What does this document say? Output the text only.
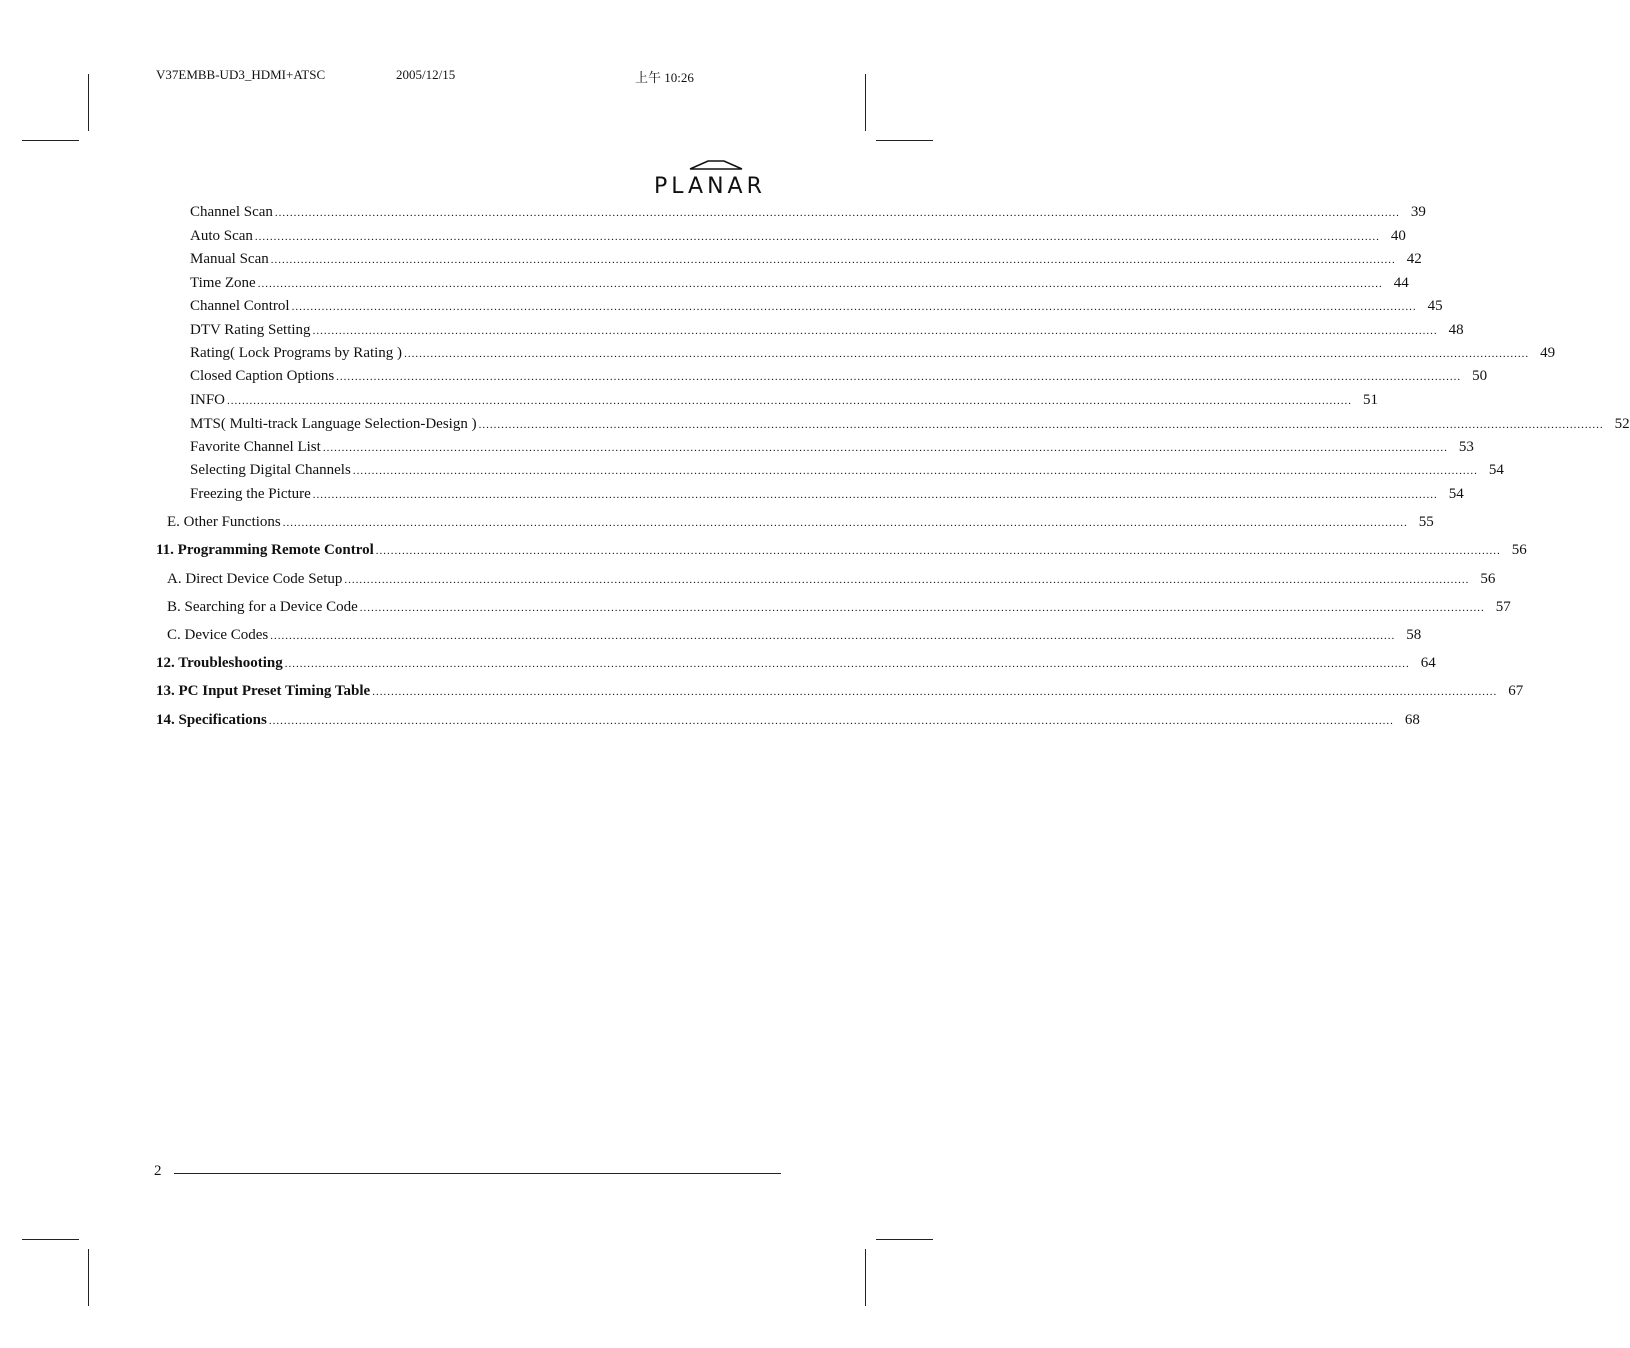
V37EMBB-UD3_HDMI+ATSC	2005/12/15	上午 10:26
PLANAR
Channel Scan ............................................................................................................................................................................................................................................................................................................ 39
Auto Scan ............................................................................................................................................................................................................................................................................................................ 40
Manual Scan ............................................................................................................................................................................................................................................................................................................ 42
Time Zone ............................................................................................................................................................................................................................................................................................................ 44
Channel Control ............................................................................................................................................................................................................................................................................................................ 45
DTV Rating Setting ............................................................................................................................................................................................................................................................................................................ 48
Rating( Lock Programs by Rating ) ............................................................................................................................................................................................................................................................................................................ 49
Closed Caption Options ............................................................................................................................................................................................................................................................................................................ 50
INFO ............................................................................................................................................................................................................................................................................................................ 51
MTS( Multi-track Language Selection-Design ) ............................................................................................................................................................................................................................................................................................................ 52
Favorite Channel List ............................................................................................................................................................................................................................................................................................................ 53
Selecting Digital Channels ............................................................................................................................................................................................................................................................................................................ 54
Freezing the Picture ............................................................................................................................................................................................................................................................................................................ 54
E. Other Functions ............................................................................................................................................................................................................................................................................................................ 55
11. Programming Remote Control ............................................................................................................................................................................................................................................................................................................ 56
A. Direct Device Code Setup ............................................................................................................................................................................................................................................................................................................ 56
B. Searching for a Device Code ............................................................................................................................................................................................................................................................................................................ 57
C. Device Codes ............................................................................................................................................................................................................................................................................................................ 58
12. Troubleshooting ............................................................................................................................................................................................................................................................................................................ 64
13. PC Input Preset Timing Table ............................................................................................................................................................................................................................................................................................................ 67
14. Specifications ............................................................................................................................................................................................................................................................................................................ 68
2
